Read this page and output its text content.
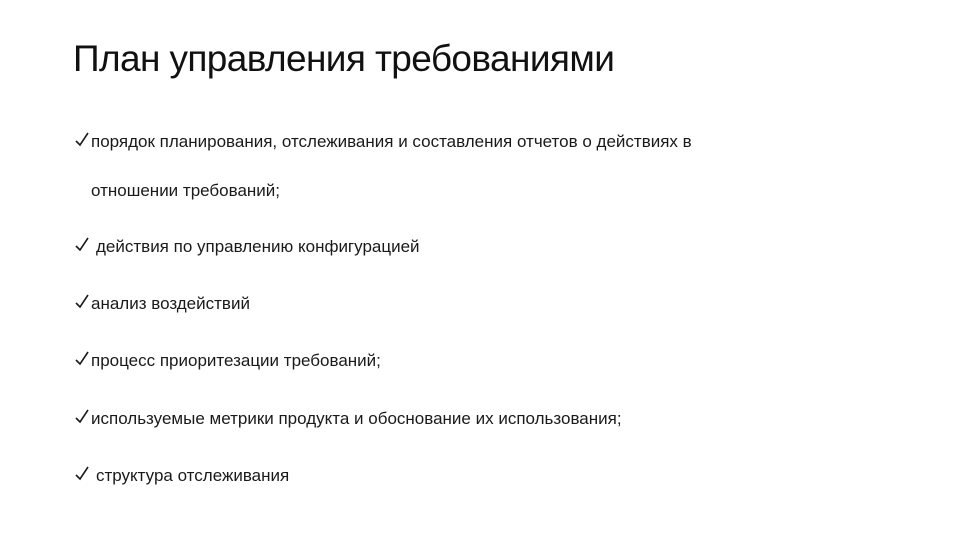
План управления требованиями
порядок планирования, отслеживания и составления отчетов о действиях в
отношении требований;
действия по управлению конфигурацией
анализ воздействий
процесс приоритезации требований;
используемые метрики продукта и обоснование их использования;
структура отслеживания
